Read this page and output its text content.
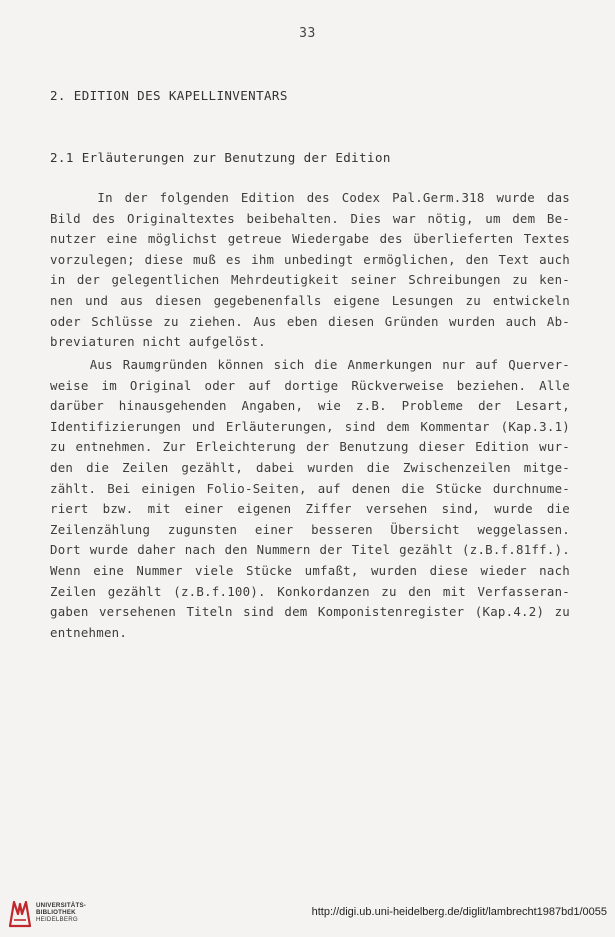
33
2. EDITION DES KAPELLINVENTARS
2.1 Erläuterungen zur Benutzung der Edition
In der folgenden Edition des Codex Pal.Germ.318 wurde das
Bild des Originaltextes beibehalten. Dies war nötig, um dem Be-
nutzer eine möglichst getreue Wiedergabe des überlieferten Textes
vorzulegen; diese muß es ihm unbedingt ermöglichen, den Text auch
in der gelegentlichen Mehrdeutigkeit seiner Schreibungen zu ken-
nen und aus diesen gegebenenfalls eigene Lesungen zu entwickeln
oder Schlüsse zu ziehen. Aus eben diesen Gründen wurden auch Ab-
breviaturen nicht aufgelöst.
Aus Raumgründen können sich die Anmerkungen nur auf Querver-
weise im Original oder auf dortige Rückverweise beziehen. Alle
darüber hinausgehenden Angaben, wie z.B. Probleme der Lesart,
Identifizierungen und Erläuterungen, sind dem Kommentar (Kap.3.1)
zu entnehmen. Zur Erleichterung der Benutzung dieser Edition wur-
den die Zeilen gezählt, dabei wurden die Zwischenzeilen mitge-
zählt. Bei einigen Folio-Seiten, auf denen die Stücke durchnume-
riert bzw. mit einer eigenen Ziffer versehen sind, wurde die
Zeilenzählung zugunsten einer besseren Übersicht weggelassen.
Dort wurde daher nach den Nummern der Titel gezählt (z.B.f.81ff.).
Wenn eine Nummer viele Stücke umfaßt, wurden diese wieder nach
Zeilen gezählt (z.B.f.100). Konkordanzen zu den mit Verfasseran-
gaben versehenen Titeln sind dem Komponistenregister (Kap.4.2) zu
entnehmen.
UNIVERSITÄTS-
BIBLIOTHEK
HEIDELBERG
http://digi.ub.uni-heidelberg.de/diglit/lambrecht1987bd1/0055
